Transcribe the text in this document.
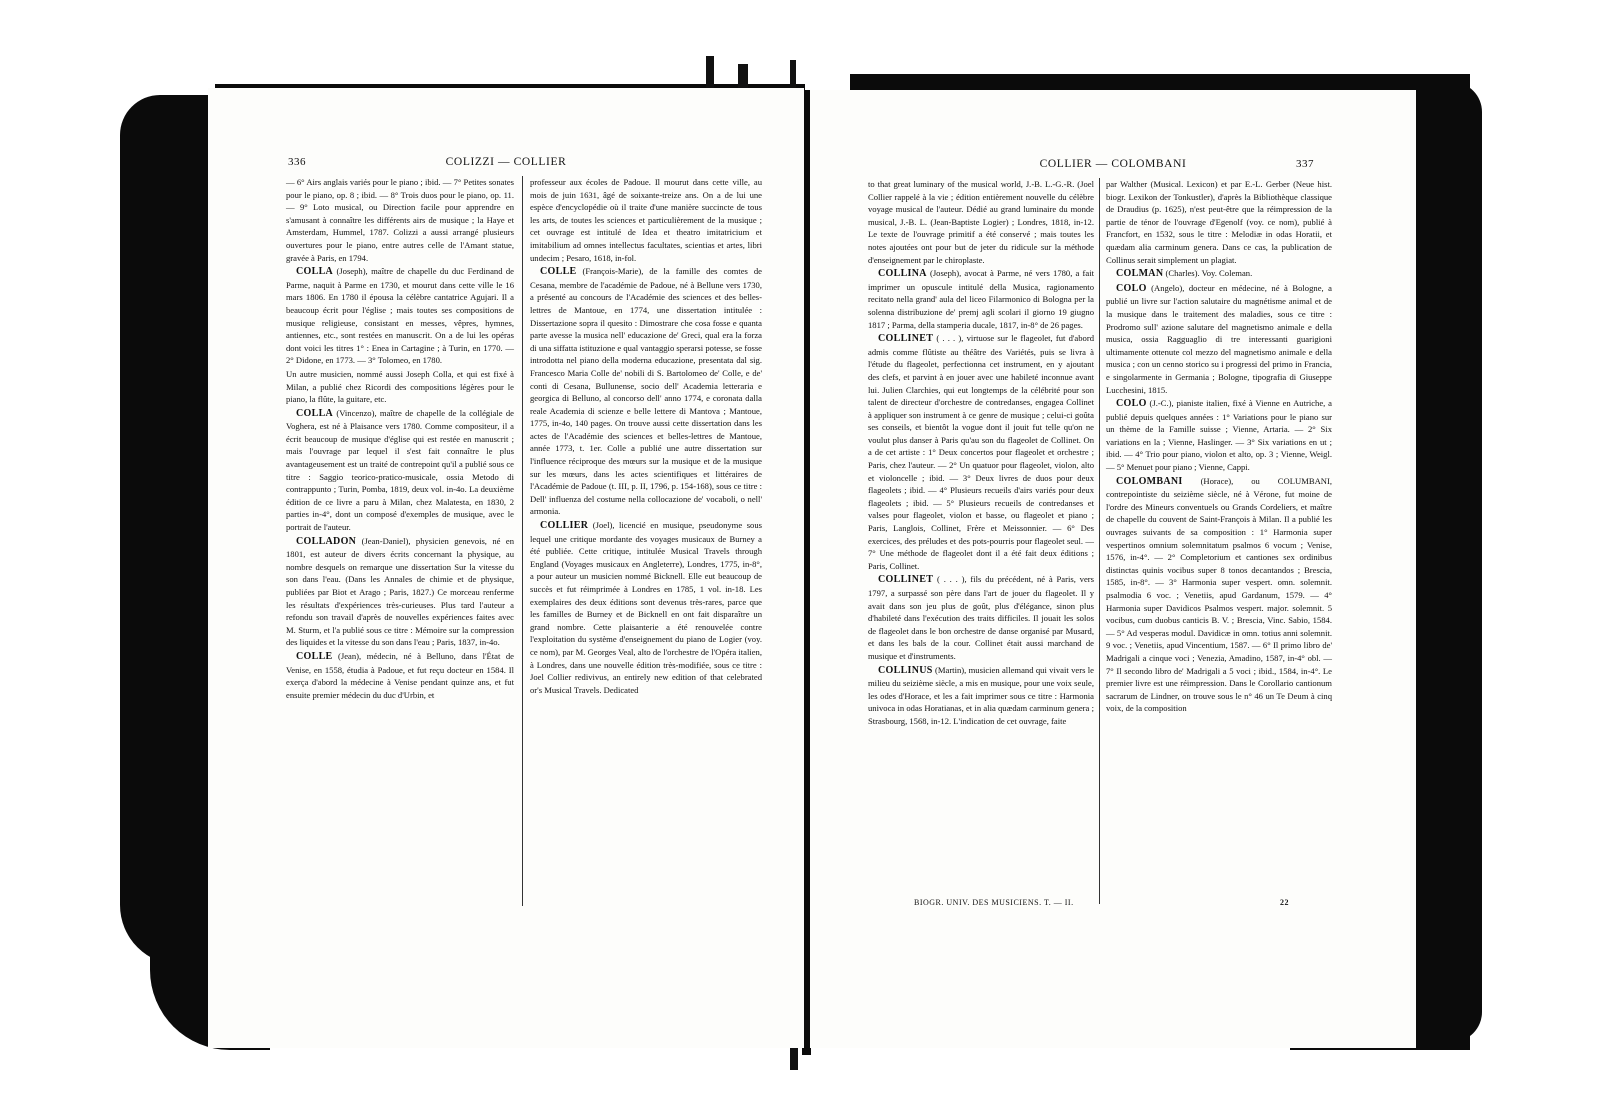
336	COLIZZI — COLLIER

— 6° Airs anglais variés pour le piano ; ibid. — 7° Petites sonates pour le piano, op. 8 ; ibid. — 8° Trois duos pour le piano, op. 11. — 9° Loto musical, ou Direction facile pour apprendre en s'amusant à connaître les différents airs de musique ; la Haye et Amsterdam, Hummel, 1787. Colizzi a aussi arrangé plusieurs ouvertures pour le piano, entre autres celle de l'Amant statue, gravée à Paris, en 1794.

COLLA (Joseph), maître de chapelle du duc Ferdinand de Parme, naquit à Parme en 1730, et mourut dans cette ville le 16 mars 1806. En 1780 il épousa la célèbre cantatrice Agujari. Il a beaucoup écrit pour l'église ; mais toutes ses compositions de musique religieuse, consistant en messes, vêpres, hymnes, antiennes, etc., sont restées en manuscrit. On a de lui les opéras dont voici les titres 1° : Enea in Cartagine ; à Turin, en 1770. — 2° Didone, en 1773. — 3° Tolomeo, en 1780.

Un autre musicien, nommé aussi Joseph Colla, et qui est fixé à Milan, a publié chez Ricordi des compositions légères pour le piano, la flûte, la guitare, etc.

COLLA (Vincenzo), maître de chapelle de la collégiale de Voghera, est né à Plaisance vers 1780. Comme compositeur, il a écrit beaucoup de musique d'église qui est restée en manuscrit ; mais l'ouvrage par lequel il s'est fait connaître le plus avantageusement est un traité de contrepoint qu'il a publié sous ce titre : Saggio teorico-pratico-musicale, ossia Metodo di contrappunto ; Turin, Pomba, 1819, deux vol. in-4o. La deuxième édition de ce livre a paru à Milan, chez Malatesta, en 1830, 2 parties in-4°, dont un composé d'exemples de musique, avec le portrait de l'auteur.

COLLADON (Jean-Daniel), physicien genevois, né en 1801, est auteur de divers écrits concernant la physique, au nombre desquels on remarque une dissertation Sur la vitesse du son dans l'eau. (Dans les Annales de chimie et de physique, publiées par Biot et Arago ; Paris, 1827.) Ce morceau renferme les résultats d'expériences très-curieuses. Plus tard l'auteur a refondu son travail d'après de nouvelles expériences faites avec M. Sturm, et l'a publié sous ce titre : Mémoire sur la compression des liquides et la vitesse du son dans l'eau ; Paris, 1837, in-4o.

COLLE (Jean), médecin, né à Belluno, dans l'État de Venise, en 1558, étudia à Padoue, et fut reçu docteur en 1584. Il exerça d'abord la médecine à Venise pendant quinze ans, et fut ensuite premier médecin du duc d'Urbin, et

professeur aux écoles de Padoue. Il mourut dans cette ville, au mois de juin 1631, âgé de soixante-treize ans. On a de lui une espèce d'encyclopédie où il traite d'une manière succincte de tous les arts, de toutes les sciences et particulièrement de la musique ; cet ouvrage est intitulé de Idea et theatro imitatricium et imitabilium ad omnes intellectus facultates, scientias et artes, libri undecim ; Pesaro, 1618, in-fol.

COLLE (François-Marie), de la famille des comtes de Cesana, membre de l'académie de Padoue, né à Bellune vers 1730, a présenté au concours de l'Académie des sciences et des belles-lettres de Mantoue, en 1774, une dissertation intitulée : Dissertazione sopra il quesito : Dimostrare che cosa fosse e quanta parte avesse la musica nell' educazione de' Greci, qual era la forza di una siffatta istituzione e qual vantaggio sperarsi potesse, se fosse introdotta nel piano della moderna educazione, presentata dal sig. Francesco Maria Colle de' nobili di S. Bartolomeo de' Colle, e de' conti di Cesana, Bullunense, socio dell' Academia letteraria e georgica di Belluno, al concorso dell' anno 1774, e coronata dalla reale Academia di scienze e belle lettere di Mantova ; Mantoue, 1775, in-4o, 140 pages. On trouve aussi cette dissertation dans les actes de l'Académie des sciences et belles-lettres de Mantoue, année 1773, t. 1er. Colle a publié une autre dissertation sur l'influence réciproque des mœurs sur la musique et de la musique sur les mœurs, dans les actes scientifiques et littéraires de l'Académie de Padoue (t. III, p. II, 1796, p. 154-168), sous ce titre : Dell' influenza del costume nella collocazione de' vocaboli, o nell' armonia.

COLLIER (Joel), licencié en musique, pseudonyme sous lequel une critique mordante des voyages musicaux de Burney a été publiée. Cette critique, intitulée Musical Travels through England (Voyages musicaux en Angleterre), Londres, 1775, in-8°, a pour auteur un musicien nommé Bicknell. Elle eut beaucoup de succès et fut réimprimée à Londres en 1785, 1 vol. in-18. Les exemplaires des deux éditions sont devenus très-rares, parce que les familles de Burney et de Bicknell en ont fait disparaître un grand nombre. Cette plaisanterie a été renouvelée contre l'exploitation du système d'enseignement du piano de Logier (voy. ce nom), par M. Georges Veal, alto de l'orchestre de l'Opéra italien, à Londres, dans une nouvelle édition très-modifiée, sous ce titre : Joel Collier redivivus, an entirely new edition of that celebrated or's Musical Travels. Dedicated

COLLIER — COLOMBANI	337

to that great luminary of the musical world, J.-B. L.-G.-R. (Joel Collier rappelé à la vie ; édition entièrement nouvelle du célèbre voyage musical de l'auteur. Dédié au grand luminaire du monde musical, J.-B. L. (Jean-Baptiste Logier) ; Londres, 1818, in-12. Le texte de l'ouvrage primitif a été conservé ; mais toutes les notes ajoutées ont pour but de jeter du ridicule sur la méthode d'enseignement par le chiroplaste.

COLLINA (Joseph), avocat à Parme, né vers 1780, a fait imprimer un opuscule intitulé della Musica, ragionamento recitato nella grand' aula del liceo Filarmonico di Bologna per la solenna distribuzione de' premj agli scolari il giorno 19 giugno 1817 ; Parma, della stamperia ducale, 1817, in-8° de 26 pages.

COLLINET ( . . . ), virtuose sur le flageolet, fut d'abord admis comme flûtiste au théâtre des Variétés, puis se livra à l'étude du flageolet, perfectionna cet instrument, en y ajoutant des clefs, et parvint à en jouer avec une habileté inconnue avant lui. Julien Clarchies, qui eut longtemps de la célébrité pour son talent de directeur d'orchestre de contredanses, engagea Collinet à appliquer son instrument à ce genre de musique ; celui-ci goûta ses conseils, et bientôt la vogue dont il jouit fut telle qu'on ne voulut plus danser à Paris qu'au son du flageolet de Collinet. On a de cet artiste : 1° Deux concertos pour flageolet et orchestre ; Paris, chez l'auteur. — 2° Un quatuor pour flageolet, violon, alto et violoncelle ; ibid. — 3° Deux livres de duos pour deux flageolets ; ibid. — 4° Plusieurs recueils d'airs variés pour deux flageolets ; ibid. — 5° Plusieurs recueils de contredanses et valses pour flageolet, violon et basse, ou flageolet et piano ; Paris, Langlois, Collinet, Frère et Meissonnier. — 6° Des exercices, des préludes et des pots-pourris pour flageolet seul. — 7° Une méthode de flageolet dont il a été fait deux éditions ; Paris, Collinet.

COLLINET ( . . . ), fils du précédent, né à Paris, vers 1797, a surpassé son père dans l'art de jouer du flageolet. Il y avait dans son jeu plus de goût, plus d'élégance, sinon plus d'habileté dans l'exécution des traits difficiles. Il jouait les solos de flageolet dans le bon orchestre de danse organisé par Musard, et dans les bals de la cour. Collinet était aussi marchand de musique et d'instruments.

COLLINUS (Martin), musicien allemand qui vivait vers le milieu du seizième siècle, a mis en musique, pour une voix seule, les odes d'Horace, et les a fait imprimer sous ce titre : Harmonia univoca in odas Horatianas, et in alia quædam carminum genera ; Strasbourg, 1568, in-12. L'indication de cet ouvrage, faite

par Walther (Musical. Lexicon) et par E.-L. Gerber (Neue hist. biogr. Lexikon der Tonkustler), d'après la Bibliothèque classique de Draudius (p. 1625), n'est peut-être que la réimpression de la partie de ténor de l'ouvrage d'Egenolf (voy. ce nom), publié à Francfort, en 1532, sous le titre : Melodiæ in odas Horatii, et quædam alia carminum genera. Dans ce cas, la publication de Collinus serait simplement un plagiat.

COLMAN (Charles). Voy. Coleman.

COLO (Angelo), docteur en médecine, né à Bologne, a publié un livre sur l'action salutaire du magnétisme animal et de la musique dans le traitement des maladies, sous ce titre : Prodromo sull' azione salutare del magnetismo animale e della musica, ossia Ragguaglio di tre interessanti guarigioni ultimamente ottenute col mezzo del magnetismo animale e della musica ; con un cenno storico su i progressi del primo in Francia, e singolarmente in Germania ; Bologne, tipografia di Giuseppe Lucchesini, 1815.

COLO (J.-C.), pianiste italien, fixé à Vienne en Autriche, a publié depuis quelques années : 1° Variations pour le piano sur un thème de la Famille suisse ; Vienne, Artaria. — 2° Six variations en la ; Vienne, Haslinger. — 3° Six variations en ut ; ibid. — 4° Trio pour piano, violon et alto, op. 3 ; Vienne, Weigl. — 5° Menuet pour piano ; Vienne, Cappi.

COLOMBANI (Horace), ou COLUMBANI, contrepointiste du seizième siècle, né à Vérone, fut moine de l'ordre des Mineurs conventuels ou Grands Cordeliers, et maître de chapelle du couvent de Saint-François à Milan. Il a publié les ouvrages suivants de sa composition : 1° Harmonia super vespertinos omnium solemnitatum psalmos 6 vocum ; Venise, 1576, in-4°. — 2° Completorium et cantiones sex ordinibus distinctas quinis vocibus super 8 tonos decantandos ; Brescia, 1585, in-8°. — 3° Harmonia super vespert. omn. solemnit. psalmodia 6 voc. ; Venetiis, apud Gardanum, 1579. — 4° Harmonia super Davidicos Psalmos vespert. major. solemnit. 5 vocibus, cum duobus canticis B. V. ; Brescia, Vinc. Sabio, 1584. — 5° Ad vesperas modul. Davidicæ in omn. totius anni solemnit. 9 voc. ; Venetiis, apud Vincentium, 1587. — 6° Il primo libro de' Madrigali a cinque voci ; Venezia, Amadino, 1587, in-4° obl. — 7° Il secondo libro de' Madrigali a 5 voci ; ibid., 1584, in-4°. Le premier livre est une réimpression. Dans le Corollario cantionum sacrarum de Lindner, on trouve sous le n° 46 un Te Deum à cinq voix, de la composition

BIOGR. UNIV. DES MUSICIENS. T. — II.	22
